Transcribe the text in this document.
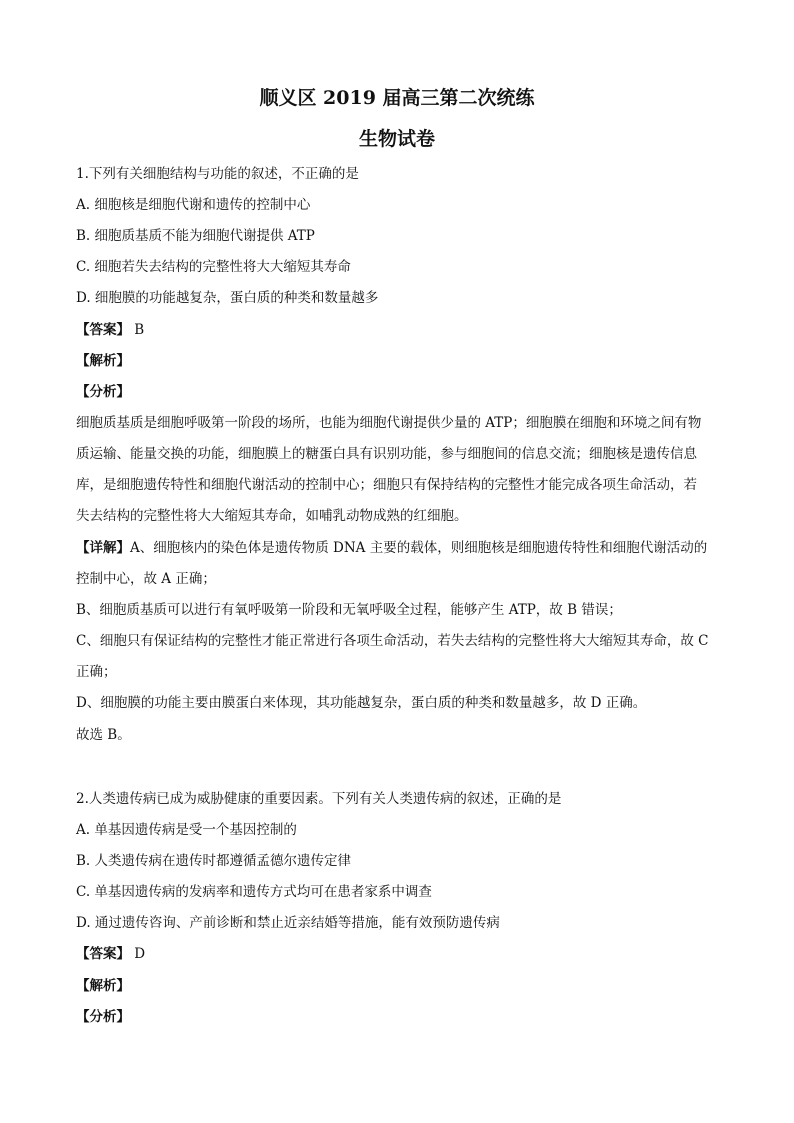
顺义区 2019 届高三第二次统练
生物试卷
1.下列有关细胞结构与功能的叙述，不正确的是
A. 细胞核是细胞代谢和遗传的控制中心
B. 细胞质基质不能为细胞代谢提供 ATP
C. 细胞若失去结构的完整性将大大缩短其寿命
D. 细胞膜的功能越复杂，蛋白质的种类和数量越多
【答案】 B
【解析】
【分析】
细胞质基质是细胞呼吸第一阶段的场所，也能为细胞代谢提供少量的 ATP；细胞膜在细胞和环境之间有物
质运输、能量交换的功能，细胞膜上的糖蛋白具有识别功能，参与细胞间的信息交流；细胞核是遗传信息
库，是细胞遗传特性和细胞代谢活动的控制中心；细胞只有保持结构的完整性才能完成各项生命活动，若
失去结构的完整性将大大缩短其寿命，如哺乳动物成熟的红细胞。
【详解】A、细胞核内的染色体是遗传物质 DNA 主要的载体，则细胞核是细胞遗传特性和细胞代谢活动的
控制中心，故 A 正确；
B、细胞质基质可以进行有氧呼吸第一阶段和无氧呼吸全过程，能够产生 ATP，故 B 错误；
C、细胞只有保证结构的完整性才能正常进行各项生命活动，若失去结构的完整性将大大缩短其寿命，故 C
正确；
D、细胞膜的功能主要由膜蛋白来体现，其功能越复杂，蛋白质的种类和数量越多，故 D 正确。
故选 B。
2.人类遗传病已成为威胁健康的重要因素。下列有关人类遗传病的叙述，正确的是
A. 单基因遗传病是受一个基因控制的
B. 人类遗传病在遗传时都遵循孟德尔遗传定律
C. 单基因遗传病的发病率和遗传方式均可在患者家系中调查
D. 通过遗传咨询、产前诊断和禁止近亲结婚等措施，能有效预防遗传病
【答案】 D
【解析】
【分析】
